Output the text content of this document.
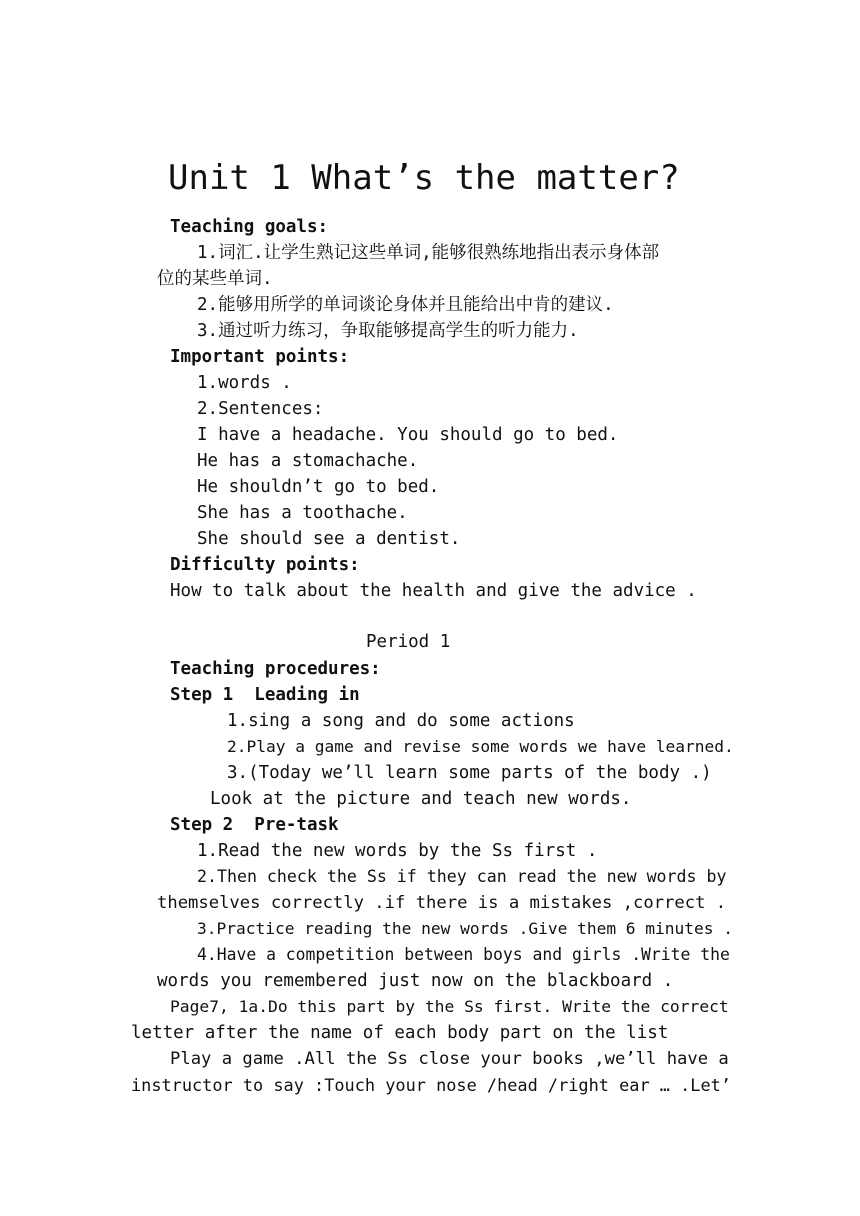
Unit 1 What’s the matter?
Teaching goals:
1.词汇.让学生熟记这些单词,能够很熟练地指出表示身体部
位的某些单词.
2.能够用所学的单词谈论身体并且能给出中肯的建议.
3.通过听力练习，争取能够提高学生的听力能力.
Important points:
1.words .
2.Sentences:
I have a headache. You should go to bed.
He has a stomachache.
He shouldn’t go to bed.
She has a toothache.
She should see a dentist.
Difficulty points:
How to talk about the health and give the advice .
Period 1
Teaching procedures:
Step 1  Leading in
1.sing a song and do some actions
2.Play a game and revise some words we have learned.
3.(Today we’ll learn some parts of the body .)
Look at the picture and teach new words.
Step 2  Pre-task
1.Read the new words by the Ss first .
2.Then check the Ss if they can read the new words by
themselves correctly .if there is a mistakes ,correct .
3.Practice reading the new words .Give them 6 minutes .
4.Have a competition between boys and girls .Write the
words you remembered just now on the blackboard .
Page7, 1a.Do this part by the Ss first. Write the correct
letter after the name of each body part on the list
Play a game .All the Ss close your books ,we’ll have a
instructor to say :Touch your nose /head /right ear … .Let’
